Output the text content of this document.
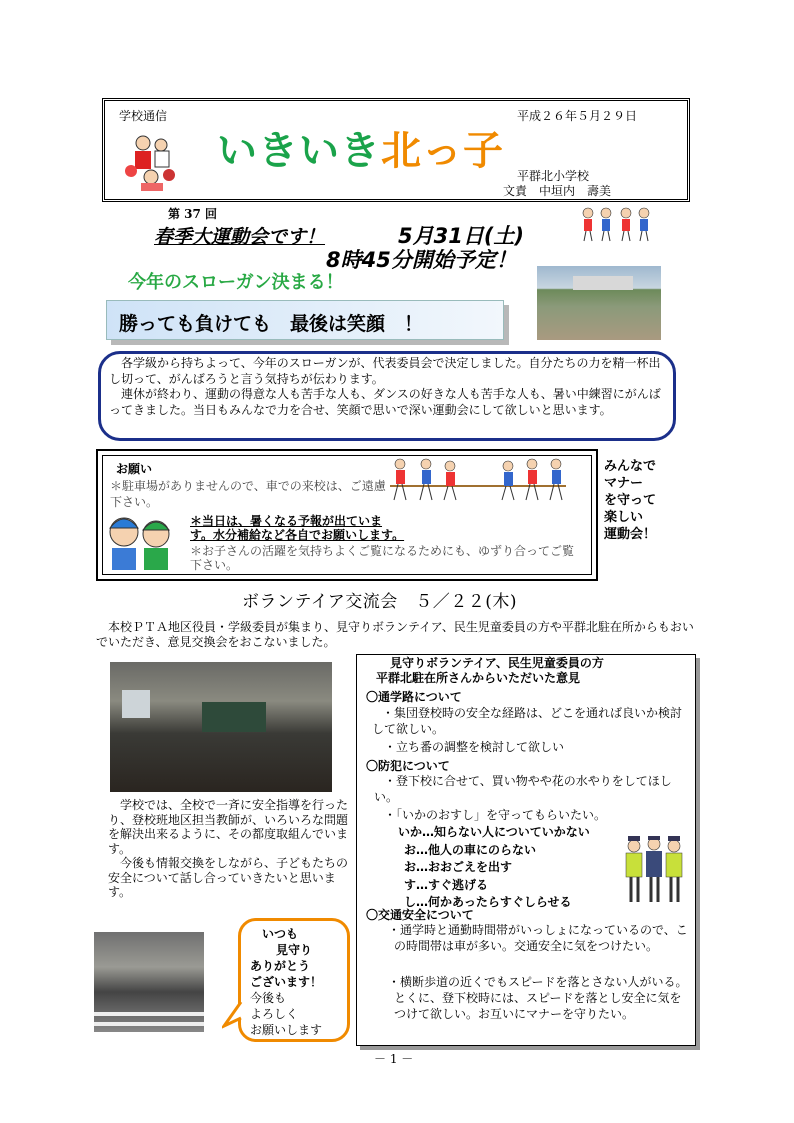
学校通信	平成２６年５月２９日
いきいき北っ子
平群北小学校
文責　中垣内　壽美
第 37 回
春季大運動会です！	5月31日(土)
8時45分開始予定！
今年のスローガン決まる！
勝っても負けても　最後は笑顔　！
　各学級から持ちよって、今年のスローガンが、代表委員会で決定しました。自分たちの力を精一杯出し切って、がんばろうと言う気持ちが伝わります。
　連休が終わり、運動の得意な人も苦手な人も、ダンスの好きな人も苦手な人も、暑い中練習にがんばってきました。当日もみんなで力を合せ、笑顔で思いで深い運動会にして欲しいと思います。
お願い
＊駐車場がありませんので、車での来校は、ご遠慮下さい。
＊当日は、暑くなる予報が出ていま
す。水分補給など各自でお願いします。
＊お子さんの活躍を気持ちよくご覧になるためにも、ゆずり合ってご覧下さい。
みんなで
マナー
を守って
楽しい
運動会！
ボランテイア交流会　５／２２(木)
　本校ＰＴＡ地区役員・学級委員が集まり、見守りボランテイア、民生児童委員の方や平群北駐在所からもおいでいただき、意見交換会をおこないました。
　学校では、全校で一斉に安全指導を行ったり、登校班地区担当教師が、いろいろな問題を解決出来るように、その都度取組んでいます。
　今後も情報交換をしながら、子どもたちの安全について話し合っていきたいと思います。
いつも
見守り
ありがとう
ございます！
今後も
よろしく
お願いします
見守りボランテイア、民生児童委員の方
平群北駐在所さんからいただいた意見
〇通学路について
・集団登校時の安全な経路は、どこを通れば良いか検討して欲しい。
・立ち番の調整を検討して欲しい
〇防犯について
・登下校に合せて、買い物やや花の水やりをしてほしい。
・「いかのおすし」を守ってもらいたい。
いか…知らない人についていかない
お…他人の車にのらない
お…おおごえを出す
す…すぐ逃げる
し…何かあったらすぐしらせる
〇交通安全について
・通学時と通勤時間帯がいっしょになっているので、この時間帯は車が多い。交通安全に気をつけたい。
・横断歩道の近くでもスピードを落とさない人がいる。とくに、登下校時には、スピードを落とし安全に気をつけて欲しい。お互いにマナーを守りたい。
－ 1 －
